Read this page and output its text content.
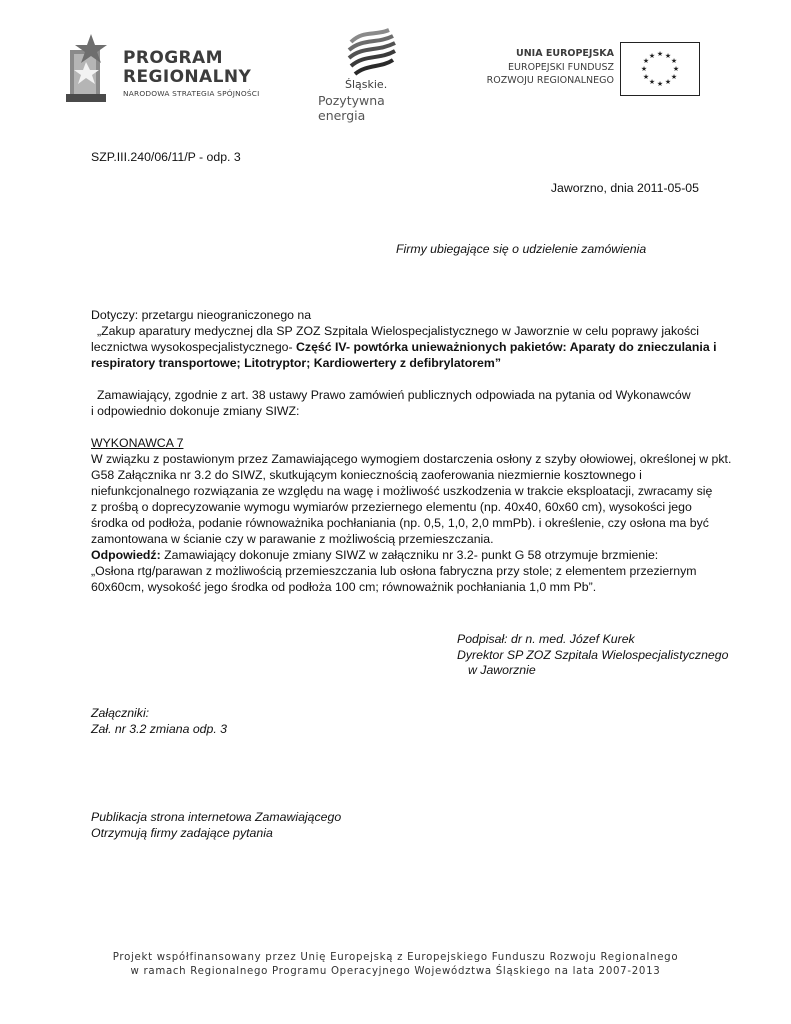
PROGRAM
REGIONALNY
NARODOWA STRATEGIA SPÓJNOŚCI
Śląskie.
Pozytywna energia
UNIA EUROPEJSKA
EUROPEJSKI FUNDUSZ
ROZWOJU REGIONALNEGO
★ ★
★
★
★
★
★
★
★
★
★
★
SZP.III.240/06/11/P - odp. 3
Jaworzno, dnia 2011-05-05
Firmy ubiegające się o udzielenie zamówienia
Dotyczy: przetargu nieograniczonego na
„Zakup aparatury medycznej dla SP ZOZ Szpitala Wielospecjalistycznego w Jaworznie w celu poprawy jakości
lecznictwa wysokospecjalistycznego- Część IV- powtórka unieważnionych pakietów: Aparaty do znieczulania i
respiratory transportowe; Litotryptor; Kardiowertery z defibrylatorem”
Zamawiający, zgodnie z art. 38 ustawy Prawo zamówień publicznych odpowiada na pytania od Wykonawców
i odpowiednio dokonuje zmiany SIWZ:
WYKONAWCA 7
W związku z postawionym przez Zamawiającego wymogiem dostarczenia osłony z szyby ołowiowej, określonej w pkt.
G58 Załącznika nr 3.2 do SIWZ, skutkującym koniecznością zaoferowania niezmiernie kosztownego i
niefunkcjonalnego rozwiązania ze względu na wagę i możliwość uszkodzenia w trakcie eksploatacji, zwracamy się
z prośbą o doprecyzowanie wymogu wymiarów przeziernego elementu (np. 40x40, 60x60 cm), wysokości jego
środka od podłoża, podanie równoważnika pochłaniania (np. 0,5, 1,0, 2,0 mmPb). i określenie, czy osłona ma być
zamontowana w ścianie czy w parawanie z możliwością przemieszczania.
Odpowiedź: Zamawiający dokonuje zmiany SIWZ w załączniku nr 3.2- punkt G 58 otrzymuje brzmienie:
„Osłona rtg/parawan z możliwością przemieszczania lub osłona fabryczna przy stole; z elementem przeziernym
60x60cm, wysokość jego środka od podłoża 100 cm; równoważnik pochłaniania 1,0 mm Pb”.
Podpisał: dr n. med. Józef Kurek
Dyrektor SP ZOZ Szpitala Wielospecjalistycznego
w Jaworznie
Załączniki:
Zał. nr 3.2 zmiana odp. 3
Publikacja strona internetowa Zamawiającego
Otrzymują firmy zadające pytania
Projekt współfinansowany przez Unię Europejską z Europejskiego Funduszu Rozwoju Regionalnego
w ramach Regionalnego Programu Operacyjnego Województwa Śląskiego na lata 2007-2013
